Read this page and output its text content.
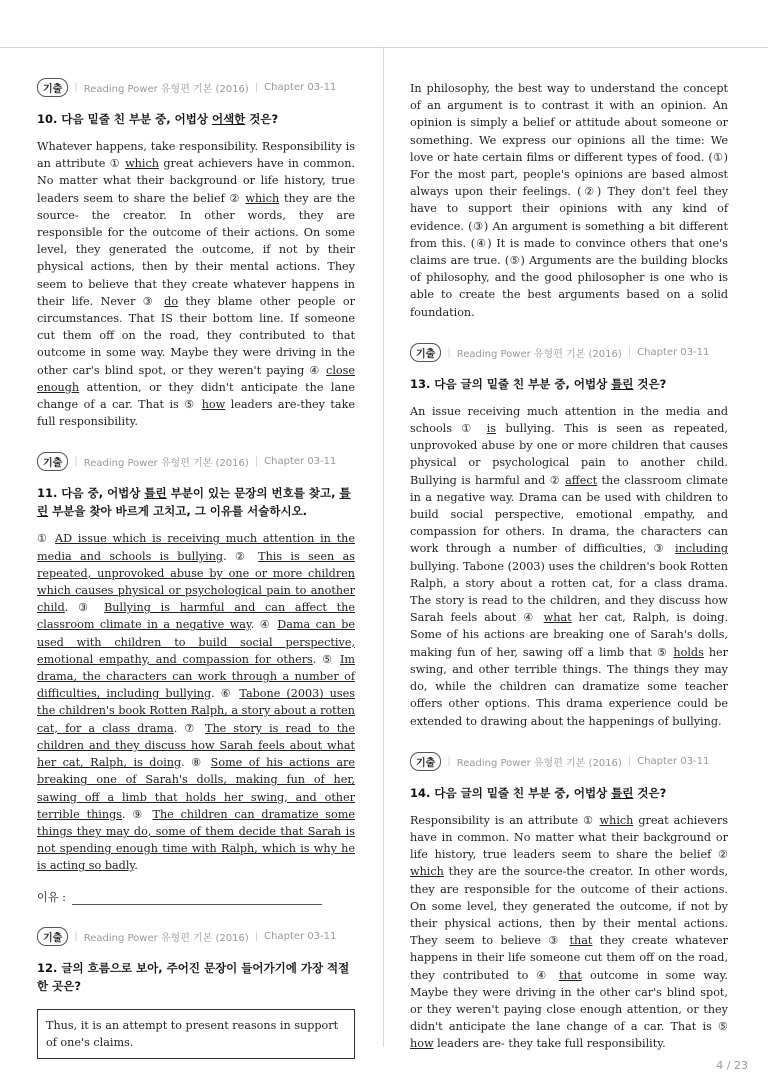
기출	| Reading Power 유형편 기본 (2016) | Chapter 03-11
10. 다음 밑줄 친 부분 중, 어법상 어색한 것은?
Whatever happens, take responsibility. Responsibility is an attribute ① which great achievers have in common. No matter what their background or life history, true leaders seem to share the belief ② which they are the source- the creator. In other words, they are responsible for the outcome of their actions. On some level, they generated the outcome, if not by their physical actions, then by their mental actions. They seem to believe that they create whatever happens in their life. Never ③ do they blame other people or circumstances. That IS their bottom line. If someone cut them off on the road, they contributed to that outcome in some way. Maybe they were driving in the other car's blind spot, or they weren't paying ④ close enough attention, or they didn't anticipate the lane change of a car. That is ⑤ how leaders are-they take full responsibility.
기출	| Reading Power 유형편 기본 (2016) | Chapter 03-11
11. 다음 중, 어법상 틀린 부분이 있는 문장의 번호를 찾고, 틀린 부분을 찾아 바르게 고치고, 그 이유를 서술하시오.
① AD issue which is receiving much attention in the media and schools is bullying. ② This is seen as repeated, unprovoked abuse by one or more children which causes physical or psychological pain to another child. ③ Bullying is harmful and can affect the classroom climate in a negative way. ④ Dama can be used with children to build social perspective, emotional empathy, and compassion for others. ⑤ Im drama, the characters can work through a number of difficulties, including bullying. ⑥ Tabone (2003) uses the children's book Rotten Ralph, a story about a rotten cat, for a class drama. ⑦ The story is read to the children and they discuss how Sarah feels about what her cat, Ralph, is doing. ⑧ Some of his actions are breaking one of Sarah's dolls, making fun of her, sawing off a limb that holds her swing, and other terrible things. ⑨ The children can dramatize some things they may do, some of them decide that Sarah is not spending enough time with Ralph, which is why he is acting so badly.
이유 :
기출	| Reading Power 유형편 기본 (2016) | Chapter 03-11
12. 글의 흐름으로 보아, 주어진 문장이 들어가기에 가장 적절한 곳은?
Thus, it is an attempt to present reasons in support of one's claims.
In philosophy, the best way to understand the concept of an argument is to contrast it with an opinion. An opinion is simply a belief or attitude about someone or something. We express our opinions all the time: We love or hate certain films or different types of food. (①) For the most part, people's opinions are based almost always upon their feelings. (②) They don't feel they have to support their opinions with any kind of evidence. (③) An argument is something a bit different from this. (④) It is made to convince others that one's claims are true. (⑤) Arguments are the building blocks of philosophy, and the good philosopher is one who is able to create the best arguments based on a solid foundation.
기출	| Reading Power 유형편 기본 (2016) | Chapter 03-11
13. 다음 글의 밑줄 친 부분 중, 어법상 틀린 것은?
An issue receiving much attention in the media and schools ① is bullying. This is seen as repeated, unprovoked abuse by one or more children that causes physical or psychological pain to another child. Bullying is harmful and ② affect the classroom climate in a negative way. Drama can be used with children to build social perspective, emotional empathy, and compassion for others. In drama, the characters can work through a number of difficulties, ③ including bullying. Tabone (2003) uses the children's book Rotten Ralph, a story about a rotten cat, for a class drama. The story is read to the children, and they discuss how Sarah feels about ④ what her cat, Ralph, is doing. Some of his actions are breaking one of Sarah's dolls, making fun of her, sawing off a limb that ⑤ holds her swing, and other terrible things. The things they may do, while the children can dramatize some teacher offers other options. This drama experience could be extended to drawing about the happenings of bullying.
기출	| Reading Power 유형편 기본 (2016) | Chapter 03-11
14. 다음 글의 밑줄 친 부분 중, 어법상 틀린 것은?
Responsibility is an attribute ① which great achievers have in common. No matter what their background or life history, true leaders seem to share the belief ② which they are the source-the creator. In other words, they are responsible for the outcome of their actions. On some level, they generated the outcome, if not by their physical actions, then by their mental actions. They seem to believe ③ that they create whatever happens in their life someone cut them off on the road, they contributed to ④ that outcome in some way. Maybe they were driving in the other car's blind spot, or they weren't paying close enough attention, or they didn't anticipate the lane change of a car. That is ⑤ how leaders are- they take full responsibility.
4 / 23
